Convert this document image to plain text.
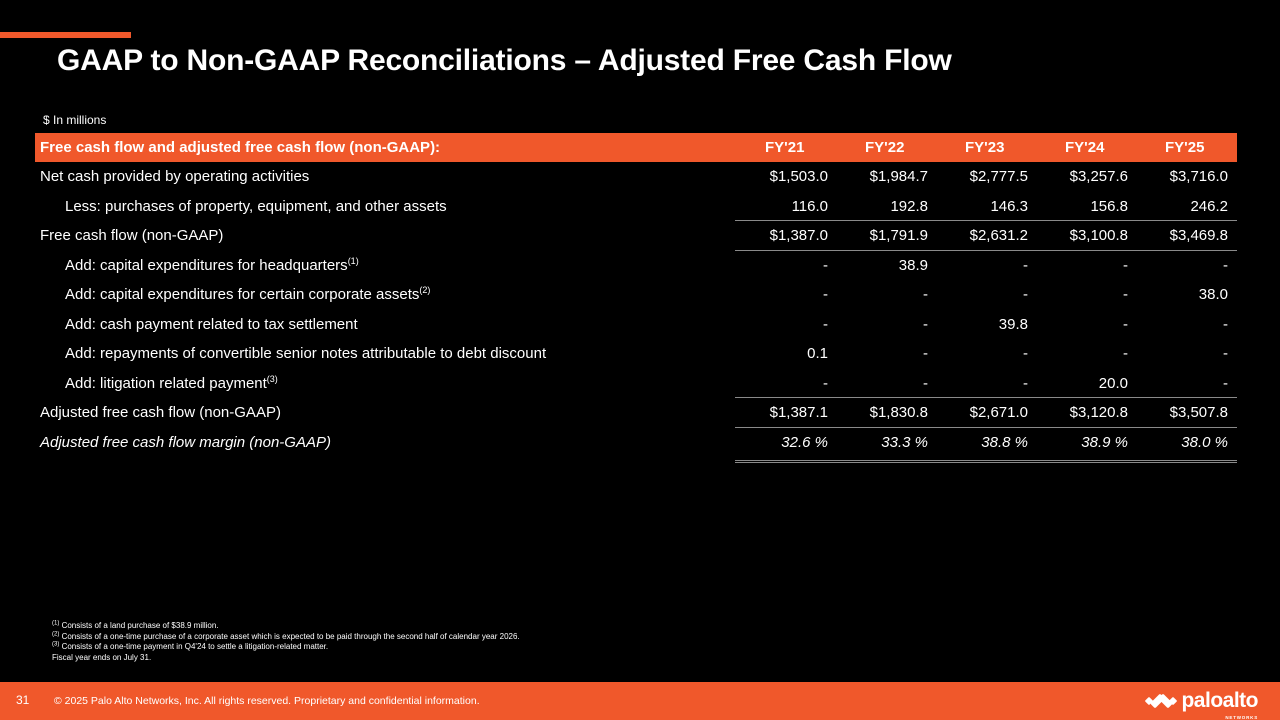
GAAP to Non-GAAP Reconciliations – Adjusted Free Cash Flow
$ In millions
Free cash flow and adjusted free cash flow (non-GAAP):	FY'21	FY'22	FY'23	FY'24	FY'25
Net cash provided by operating activities	$1,503.0	$1,984.7	$2,777.5	$3,257.6	$3,716.0
Less: purchases of property, equipment, and other assets	116.0	192.8	146.3	156.8	246.2
Free cash flow (non-GAAP)	$1,387.0	$1,791.9	$2,631.2	$3,100.8	$3,469.8
Add: capital expenditures for headquarters$^{(1)}$	-	38.9	-	-	-
Add: capital expenditures for certain corporate assets$^{(2)}$	-	-	-	-	38.0
Add: cash payment related to tax settlement	-	-	39.8	-	-
Add: repayments of convertible senior notes attributable to debt discount	0.1	-	-	-	-
Add: litigation related payment$^{(3)}$	-	-	-	20.0	-
Adjusted free cash flow (non-GAAP)	$1,387.1	$1,830.8	$2,671.0	$3,120.8	$3,507.8
Adjusted free cash flow margin (non-GAAP)	32.6 %	33.3 %	38.8 %	38.9 %	38.0 %
$^{(1)}$ Consists of a land purchase of $38.9 million.
$^{(2)}$ Consists of a one-time purchase of a corporate asset which is expected to be paid through the second half of calendar year 2026.
$^{(3)}$ Consists of a one-time payment in Q4'24 to settle a litigation-related matter.
Fiscal year ends on July 31.
31 © 2025 Palo Alto Networks, Inc. All rights reserved. Proprietary and confidential information.	paloalto
NETWORKS
